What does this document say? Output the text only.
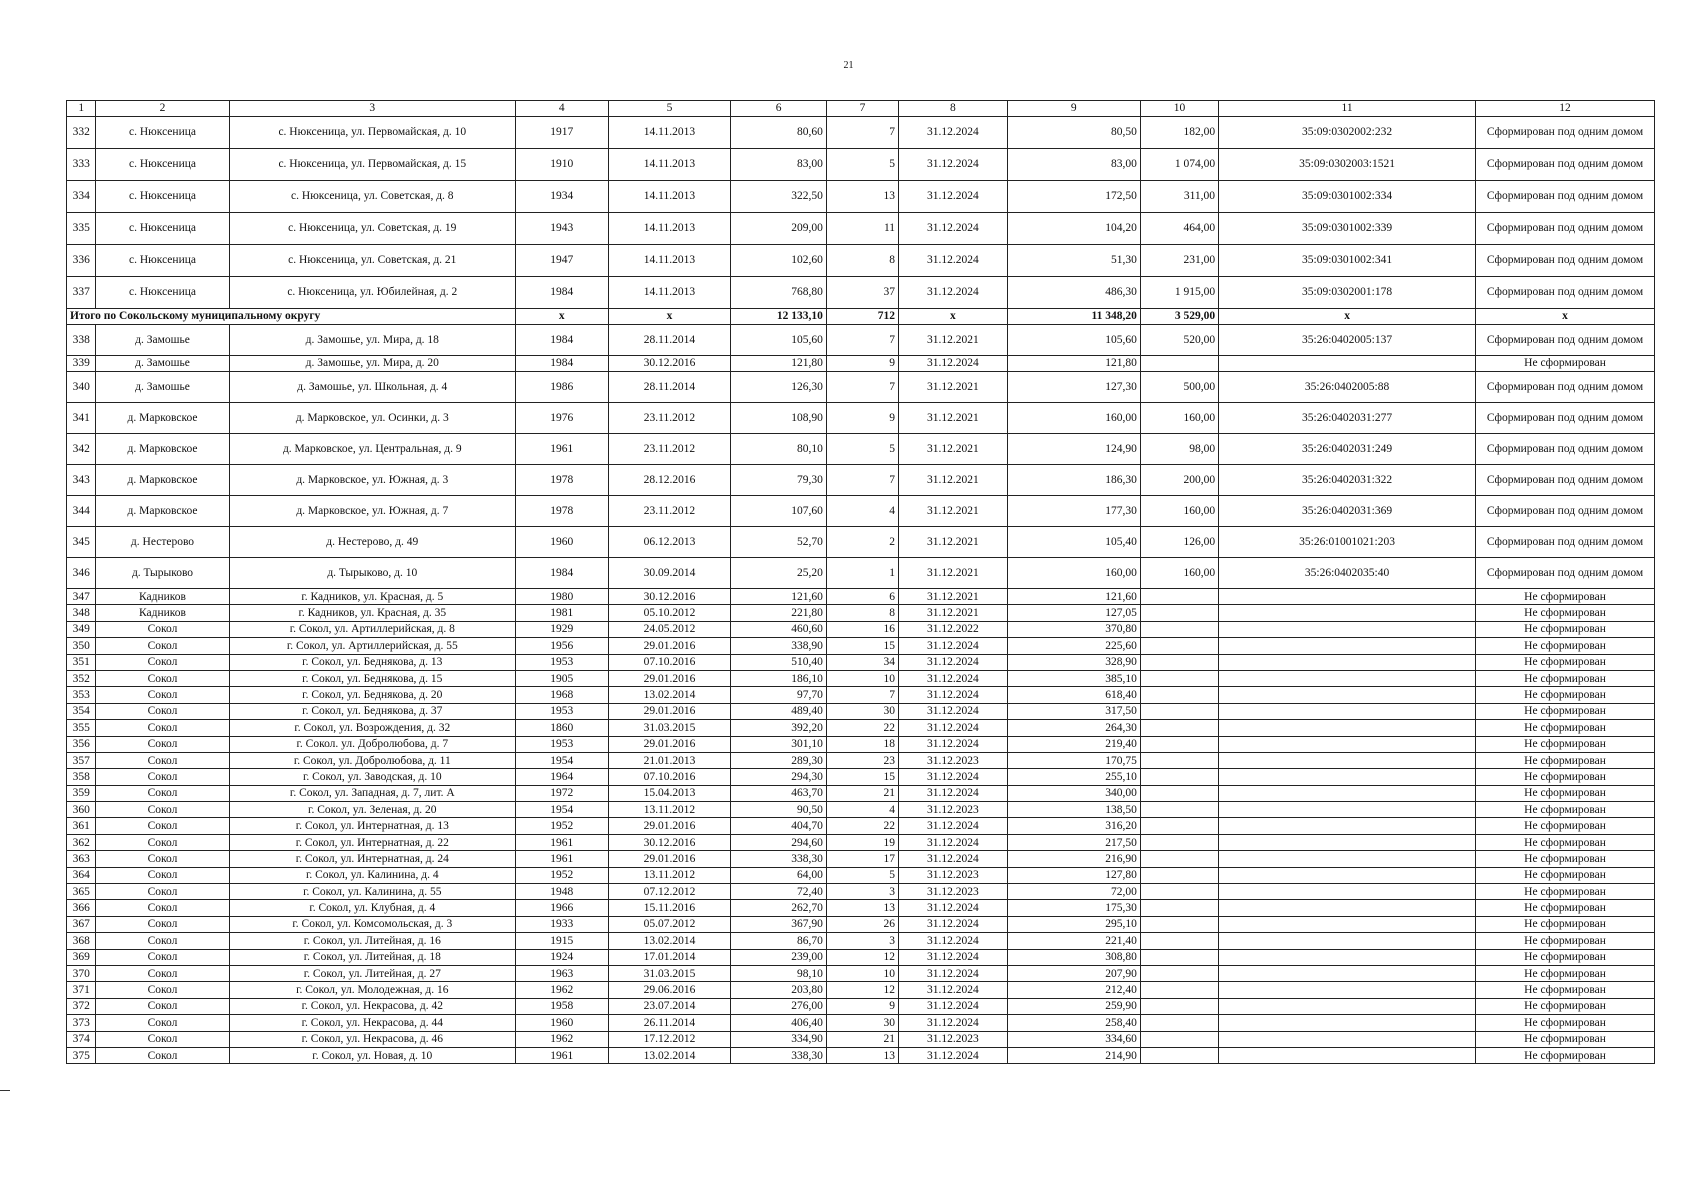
21
1	2	3	4	5	6	7	8	9	10	11	12
332	с. Нюксеница	с. Нюксеница, ул. Первомайская, д. 10	1917	14.11.2013	80,60	7	31.12.2024	80,50	182,00	35:09:0302002:232	Сформирован под одним домом
333	с. Нюксеница	с. Нюксеница, ул. Первомайская, д. 15	1910	14.11.2013	83,00	5	31.12.2024	83,00	1 074,00	35:09:0302003:1521	Сформирован под одним домом
334	с. Нюксеница	с. Нюксеница, ул. Советская, д. 8	1934	14.11.2013	322,50	13	31.12.2024	172,50	311,00	35:09:0301002:334	Сформирован под одним домом
335	с. Нюксеница	с. Нюксеница, ул. Советская, д. 19	1943	14.11.2013	209,00	11	31.12.2024	104,20	464,00	35:09:0301002:339	Сформирован под одним домом
336	с. Нюксеница	с. Нюксеница, ул. Советская, д. 21	1947	14.11.2013	102,60	8	31.12.2024	51,30	231,00	35:09:0301002:341	Сформирован под одним домом
337	с. Нюксеница	с. Нюксеница, ул. Юбилейная, д. 2	1984	14.11.2013	768,80	37	31.12.2024	486,30	1 915,00	35:09:0302001:178	Сформирован под одним домом
Итого по Сокольскому муниципальному округу			x	x	12 133,10	712	x	11 348,20	3 529,00	x	x
338	д. Замошье	д. Замошье, ул. Мира, д. 18	1984	28.11.2014	105,60	7	31.12.2021	105,60	520,00	35:26:0402005:137	Сформирован под одним домом
339	д. Замошье	д. Замошье, ул. Мира, д. 20	1984	30.12.2016	121,80	9	31.12.2024	121,80			Не сформирован
340	д. Замошье	д. Замошье, ул. Школьная, д. 4	1986	28.11.2014	126,30	7	31.12.2021	127,30	500,00	35:26:0402005:88	Сформирован под одним домом
341	д. Марковское	д. Марковское, ул. Осинки, д. 3	1976	23.11.2012	108,90	9	31.12.2021	160,00	160,00	35:26:0402031:277	Сформирован под одним домом
342	д. Марковское	д. Марковское, ул. Центральная, д. 9	1961	23.11.2012	80,10	5	31.12.2021	124,90	98,00	35:26:0402031:249	Сформирован под одним домом
343	д. Марковское	д. Марковское, ул. Южная, д. 3	1978	28.12.2016	79,30	7	31.12.2021	186,30	200,00	35:26:0402031:322	Сформирован под одним домом
344	д. Марковское	д. Марковское, ул. Южная, д. 7	1978	23.11.2012	107,60	4	31.12.2021	177,30	160,00	35:26:0402031:369	Сформирован под одним домом
345	д. Нестерово	д. Нестерово, д. 49	1960	06.12.2013	52,70	2	31.12.2021	105,40	126,00	35:26:01001021:203	Сформирован под одним домом
346	д. Тырыково	д. Тырыково, д. 10	1984	30.09.2014	25,20	1	31.12.2021	160,00	160,00	35:26:0402035:40	Сформирован под одним домом
347	Кадников	г. Кадников, ул. Красная, д. 5	1980	30.12.2016	121,60	6	31.12.2021	121,60			Не сформирован
348	Кадников	г. Кадников, ул. Красная, д. 35	1981	05.10.2012	221,80	8	31.12.2021	127,05			Не сформирован
349	Сокол	г. Сокол, ул. Артиллерийская, д. 8	1929	24.05.2012	460,60	16	31.12.2022	370,80			Не сформирован
350	Сокол	г. Сокол, ул. Артиллерийская, д. 55	1956	29.01.2016	338,90	15	31.12.2024	225,60			Не сформирован
351	Сокол	г. Сокол, ул. Беднякова, д. 13	1953	07.10.2016	510,40	34	31.12.2024	328,90			Не сформирован
352	Сокол	г. Сокол, ул. Беднякова, д. 15	1905	29.01.2016	186,10	10	31.12.2024	385,10			Не сформирован
353	Сокол	г. Сокол, ул. Беднякова, д. 20	1968	13.02.2014	97,70	7	31.12.2024	618,40			Не сформирован
354	Сокол	г. Сокол, ул. Беднякова, д. 37	1953	29.01.2016	489,40	30	31.12.2024	317,50			Не сформирован
355	Сокол	г. Сокол, ул. Возрождения, д. 32	1860	31.03.2015	392,20	22	31.12.2024	264,30			Не сформирован
356	Сокол	г. Сокол. ул. Добролюбова, д. 7	1953	29.01.2016	301,10	18	31.12.2024	219,40			Не сформирован
357	Сокол	г. Сокол, ул. Добролюбова, д. 11	1954	21.01.2013	289,30	23	31.12.2023	170,75			Не сформирован
358	Сокол	г. Сокол, ул. Заводская, д. 10	1964	07.10.2016	294,30	15	31.12.2024	255,10			Не сформирован
359	Сокол	г. Сокол, ул. Западная, д. 7, лит. А	1972	15.04.2013	463,70	21	31.12.2024	340,00			Не сформирован
360	Сокол	г. Сокол, ул. Зеленая, д. 20	1954	13.11.2012	90,50	4	31.12.2023	138,50			Не сформирован
361	Сокол	г. Сокол, ул. Интернатная, д. 13	1952	29.01.2016	404,70	22	31.12.2024	316,20			Не сформирован
362	Сокол	г. Сокол, ул. Интернатная, д. 22	1961	30.12.2016	294,60	19	31.12.2024	217,50			Не сформирован
363	Сокол	г. Сокол, ул. Интернатная, д. 24	1961	29.01.2016	338,30	17	31.12.2024	216,90			Не сформирован
364	Сокол	г. Сокол, ул. Калинина, д. 4	1952	13.11.2012	64,00	5	31.12.2023	127,80			Не сформирован
365	Сокол	г. Сокол, ул. Калинина, д. 55	1948	07.12.2012	72,40	3	31.12.2023	72,00			Не сформирован
366	Сокол	г. Сокол, ул. Клубная, д. 4	1966	15.11.2016	262,70	13	31.12.2024	175,30			Не сформирован
367	Сокол	г. Сокол, ул. Комсомольская, д. 3	1933	05.07.2012	367,90	26	31.12.2024	295,10			Не сформирован
368	Сокол	г. Сокол, ул. Литейная, д. 16	1915	13.02.2014	86,70	3	31.12.2024	221,40			Не сформирован
369	Сокол	г. Сокол, ул. Литейная, д. 18	1924	17.01.2014	239,00	12	31.12.2024	308,80			Не сформирован
370	Сокол	г. Сокол, ул. Литейная, д. 27	1963	31.03.2015	98,10	10	31.12.2024	207,90			Не сформирован
371	Сокол	г. Сокол, ул. Молодежная, д. 16	1962	29.06.2016	203,80	12	31.12.2024	212,40			Не сформирован
372	Сокол	г. Сокол, ул. Некрасова, д. 42	1958	23.07.2014	276,00	9	31.12.2024	259,90			Не сформирован
373	Сокол	г. Сокол, ул. Некрасова, д. 44	1960	26.11.2014	406,40	30	31.12.2024	258,40			Не сформирован
374	Сокол	г. Сокол, ул. Некрасова, д. 46	1962	17.12.2012	334,90	21	31.12.2023	334,60			Не сформирован
375	Сокол	г. Сокол, ул. Новая, д. 10	1961	13.02.2014	338,30	13	31.12.2024	214,90			Не сформирован
